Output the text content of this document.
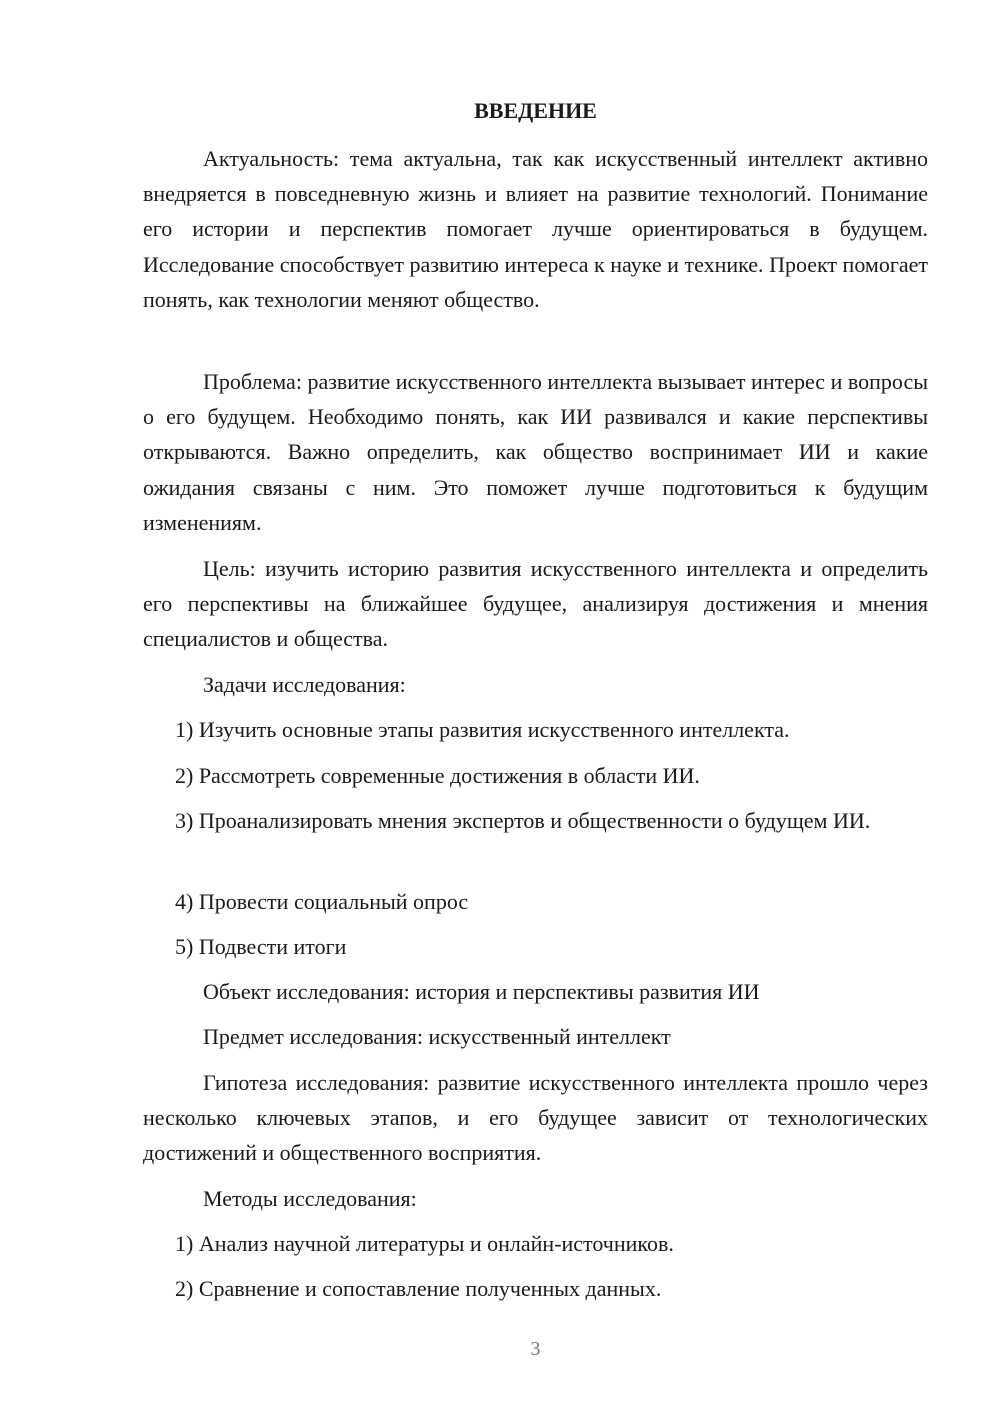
ВВЕДЕНИЕ

Актуальность: тема актуальна, так как искусственный интеллект активно внедряется в повседневную жизнь и влияет на развитие технологий. Понимание его истории и перспектив помогает лучше ориентироваться в будущем. Исследование способствует развитию интереса к науке и технике. Проект помогает понять, как технологии меняют общество.

Проблема: развитие искусственного интеллекта вызывает интерес и вопросы о его будущем. Необходимо понять, как ИИ развивался и какие перспективы открываются. Важно определить, как общество воспринимает ИИ и какие ожидания связаны с ним. Это поможет лучше подготовиться к будущим изменениям.

Цель: изучить историю развития искусственного интеллекта и определить его перспективы на ближайшее будущее, анализируя достижения и мнения специалистов и общества.

Задачи исследования:

1) Изучить основные этапы развития искусственного интеллекта.

2) Рассмотреть современные достижения в области ИИ.

3) Проанализировать мнения экспертов и общественности о будущем ИИ.

4) Провести социальный опрос

5) Подвести итоги

Объект исследования: история и перспективы развития ИИ

Предмет исследования: искусственный интеллект

Гипотеза исследования: развитие искусственного интеллекта прошло через несколько ключевых этапов, и его будущее зависит от технологических достижений и общественного восприятия.

Методы исследования:

1) Анализ научной литературы и онлайн-источников.

2) Сравнение и сопоставление полученных данных.

3
